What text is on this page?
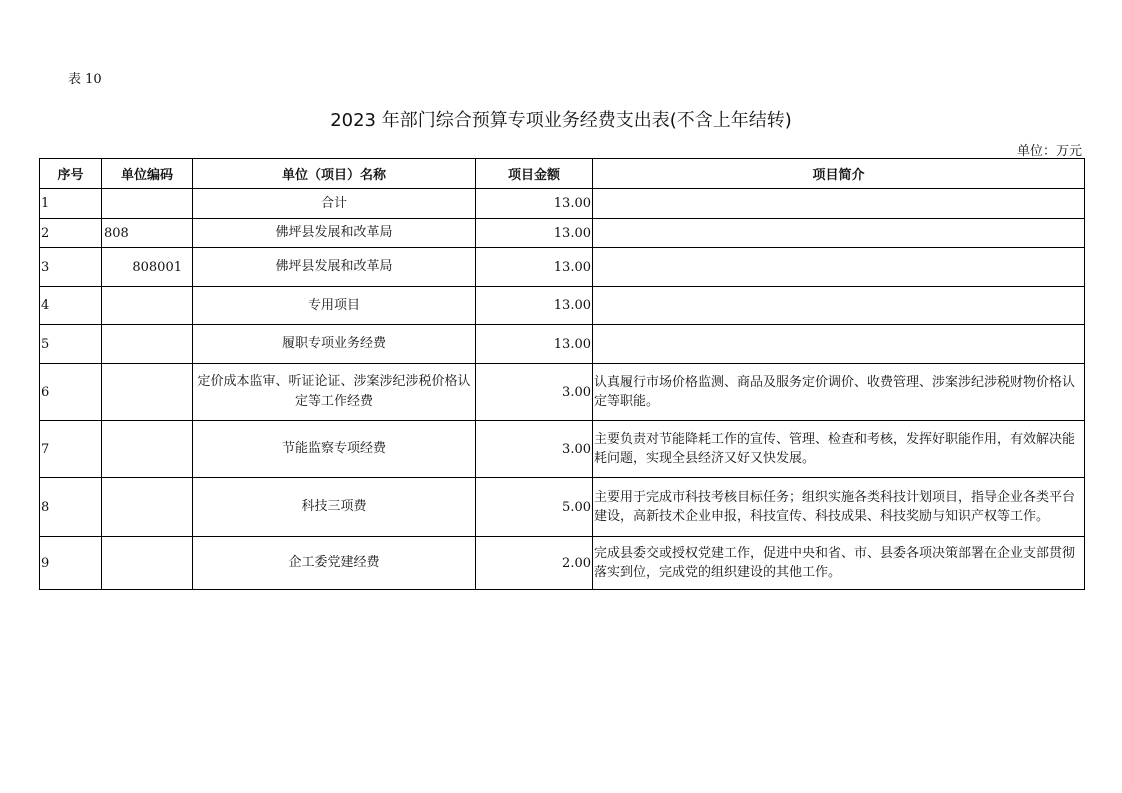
表 10
2023 年部门综合预算专项业务经费支出表(不含上年结转)
单位：万元
序号	单位编码	单位（项目）名称	项目金额	项目简介
1		合计	13.00	
2	808	佛坪县发展和改革局	13.00	
3	808001	佛坪县发展和改革局	13.00	
4		专用项目	13.00	
5		履职专项业务经费	13.00	
6		定价成本监审、听证论证、涉案涉纪涉税价格认定等工作经费	3.00	认真履行市场价格监测、商品及服务定价调价、收费管理、涉案涉纪涉税财物价格认定等职能。
7		节能监察专项经费	3.00	主要负责对节能降耗工作的宣传、管理、检查和考核，发挥好职能作用，有效解决能耗问题，实现全县经济又好又快发展。
8		科技三项费	5.00	主要用于完成市科技考核目标任务；组织实施各类科技计划项目，指导企业各类平台建设，高新技术企业申报，科技宣传、科技成果、科技奖励与知识产权等工作。
9		企工委党建经费	2.00	完成县委交或授权党建工作，促进中央和省、市、县委各项决策部署在企业支部贯彻落实到位，完成党的组织建设的其他工作。
